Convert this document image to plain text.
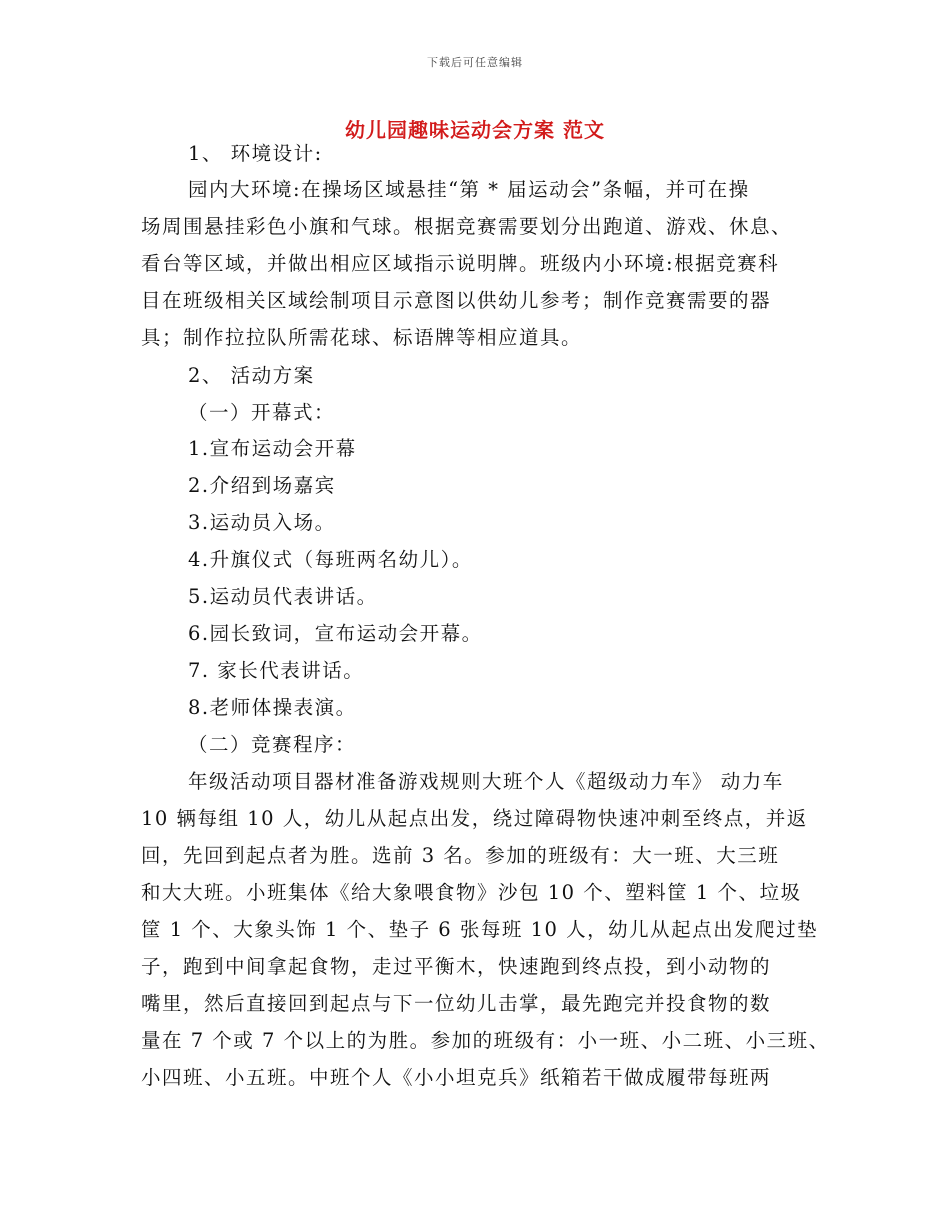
下载后可任意编辑
幼儿园趣味运动会方案 范文
1、 环境设计:
园内大环境:在操场区域悬挂“第 * 届运动会”条幅，并可在操
场周围悬挂彩色小旗和气球。根据竞赛需要划分出跑道、游戏、休息、
看台等区域，并做出相应区域指示说明牌。班级内小环境:根据竞赛科
目在班级相关区域绘制项目示意图以供幼儿参考；制作竞赛需要的器
具；制作拉拉队所需花球、标语牌等相应道具。
2、 活动方案
（一）开幕式：
1.宣布运动会开幕
2.介绍到场嘉宾
3.运动员入场。
4.升旗仪式（每班两名幼儿）。
5.运动员代表讲话。
6.园长致词，宣布运动会开幕。
7. 家长代表讲话。
8.老师体操表演。
（二）竞赛程序：
年级活动项目器材准备游戏规则大班个人《超级动力车》 动力车
10 辆每组 10 人，幼儿从起点出发，绕过障碍物快速冲刺至终点，并返
回，先回到起点者为胜。选前 3 名。参加的班级有：大一班、大三班
和大大班。小班集体《给大象喂食物》沙包 10 个、塑料筐 1 个、垃圾
筐 1 个、大象头饰 1 个、垫子 6 张每班 10 人，幼儿从起点出发爬过垫
子，跑到中间拿起食物，走过平衡木，快速跑到终点投，到小动物的
嘴里，然后直接回到起点与下一位幼儿击掌，最先跑完并投食物的数
量在 7 个或 7 个以上的为胜。参加的班级有：小一班、小二班、小三班、
小四班、小五班。中班个人《小小坦克兵》纸箱若干做成履带每班两
